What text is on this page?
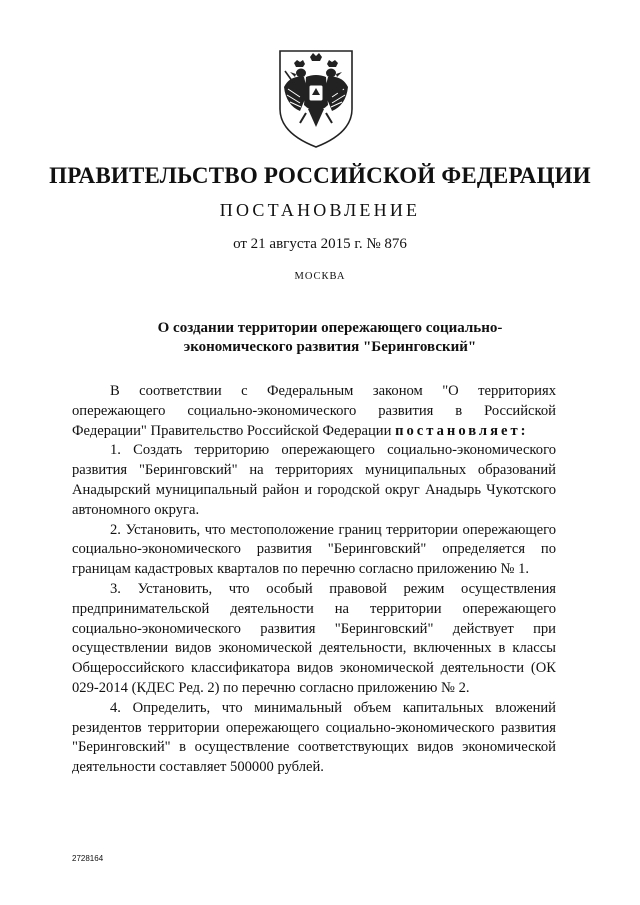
ПРАВИТЕЛЬСТВО РОССИЙСКОЙ ФЕДЕРАЦИИ
ПОСТАНОВЛЕНИЕ
от 21 августа 2015 г. № 876
МОСКВА
О создании территории опережающего социально-экономического развития "Беринговский"

В соответствии с Федеральным законом "О территориях опережающего социально-экономического развития в Российской Федерации" Правительство Российской Федерации постановляет:

1. Создать территорию опережающего социально-экономического развития "Беринговский" на территориях муниципальных образований Анадырский муниципальный район и городской округ Анадырь Чукотского автономного округа.

2. Установить, что местоположение границ территории опережающего социально-экономического развития "Беринговский" определяется по границам кадастровых кварталов по перечню согласно приложению № 1.

3. Установить, что особый правовой режим осуществления предпринимательской деятельности на территории опережающего социально-экономического развития "Беринговский" действует при осуществлении видов экономической деятельности, включенных в классы Общероссийского классификатора видов экономической деятельности (ОК 029-2014 (КДЕС Ред. 2) по перечню согласно приложению № 2.

4. Определить, что минимальный объем капитальных вложений резидентов территории опережающего социально-экономического развития "Беринговский" в осуществление соответствующих видов экономической деятельности составляет 500000 рублей.

2728164
